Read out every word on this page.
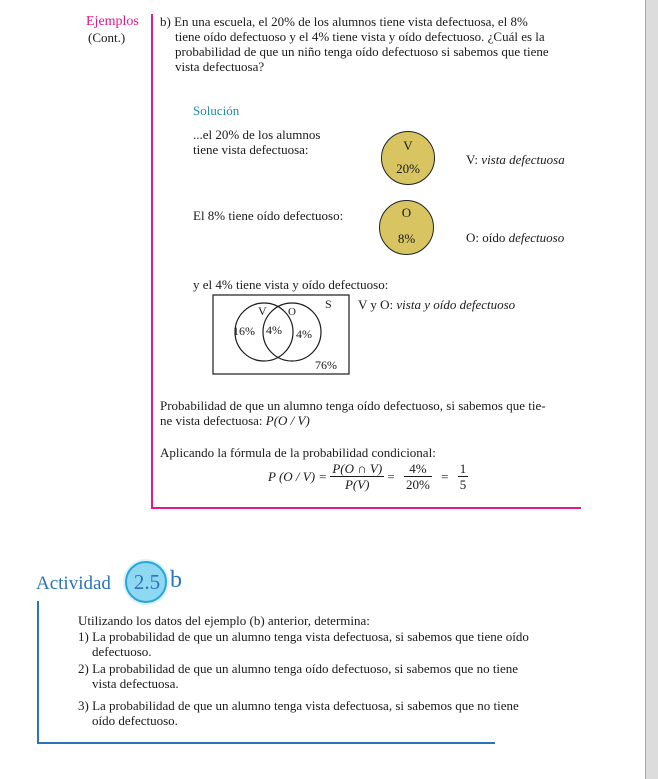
Ejemplos
(Cont.)
b) En una escuela, el 20% de los alumnos tiene vista defectuosa, el 8%
tiene oído defectuoso y el 4% tiene vista y oído defectuoso. ¿Cuál es la
probabilidad de que un niño tenga oído defectuoso si sabemos que tiene
vista defectuosa?
Solución
...el 20% de los alumnos
tiene vista defectuosa:	V
20%
V: vista defectuosa
El 8% tiene oído defectuoso:	O
8%	O: oído defectuoso
y el 4% tiene vista y oído defectuoso:
V O
S
16% 4% 4%
76%
V y O: vista y oído defectuoso
Probabilidad de que un alumno tenga oído defectuoso, si sabemos que tie-
ne vista defectuosa: P(O / V)
Aplicando la fórmula de la probabilidad condicional:
P $(O / V) = \frac{P(O \cap V)}{P(V)} = \frac{4\%}{20\%} = \frac{1}{5}$
Actividad	2.5 b
Utilizando los datos del ejemplo (b) anterior, determina:
1) La probabilidad de que un alumno tenga vista defectuosa, si sabemos que tiene oído
defectuoso.
2) La probabilidad de que un alumno tenga oído defectuoso, si sabemos que no tiene
vista defectuosa.
3) La probabilidad de que un alumno tenga vista defectuosa, si sabemos que no tiene
oído defectuoso.
